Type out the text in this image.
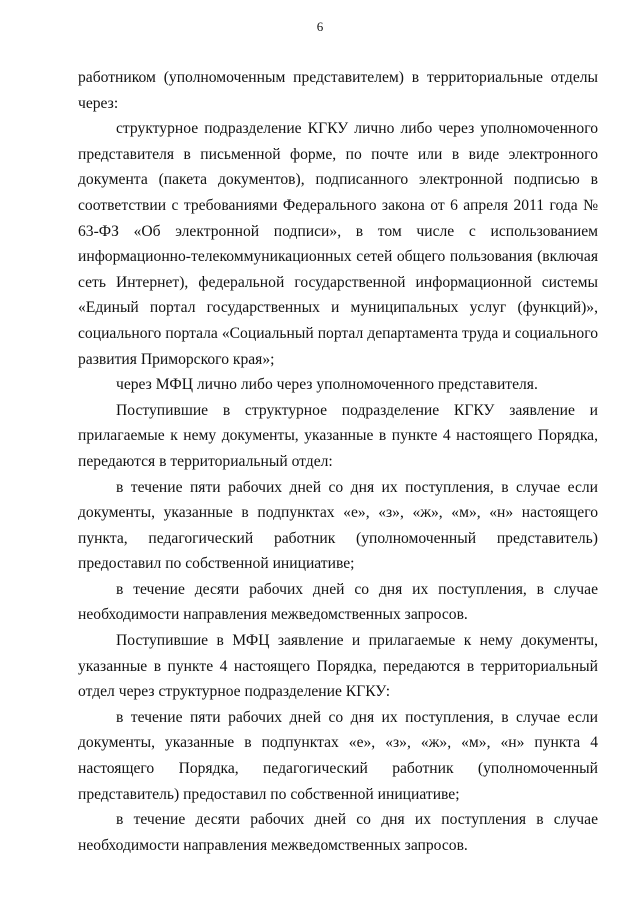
6

работником (уполномоченным представителем) в территориальные отделы через:

структурное подразделение КГКУ лично либо через уполномоченного представителя в письменной форме, по почте или в виде электронного документа (пакета документов), подписанного электронной подписью в соответствии с требованиями Федерального закона от 6 апреля 2011 года № 63-ФЗ «Об электронной подписи», в том числе с использованием информационно-телекоммуникационных сетей общего пользования (включая сеть Интернет), федеральной государственной информационной системы «Единый портал государственных и муниципальных услуг (функций)», социального портала «Социальный портал департамента труда и социального развития Приморского края»;

через МФЦ лично либо через уполномоченного представителя.

Поступившие в структурное подразделение КГКУ заявление и прилагаемые к нему документы, указанные в пункте 4 настоящего Порядка, передаются в территориальный отдел:

в течение пяти рабочих дней со дня их поступления, в случае если документы, указанные в подпунктах «е», «з», «ж», «м», «н» настоящего пункта, педагогический работник (уполномоченный представитель) предоставил по собственной инициативе;

в течение десяти рабочих дней со дня их поступления, в случае необходимости направления межведомственных запросов.

Поступившие в МФЦ заявление и прилагаемые к нему документы, указанные в пункте 4 настоящего Порядка, передаются в территориальный отдел через структурное подразделение КГКУ:

в течение пяти рабочих дней со дня их поступления, в случае если документы, указанные в подпунктах «е», «з», «ж», «м», «н» пункта 4 настоящего Порядка, педагогический работник (уполномоченный представитель) предоставил по собственной инициативе;

в течение десяти рабочих дней со дня их поступления в случае необходимости направления межведомственных запросов.
